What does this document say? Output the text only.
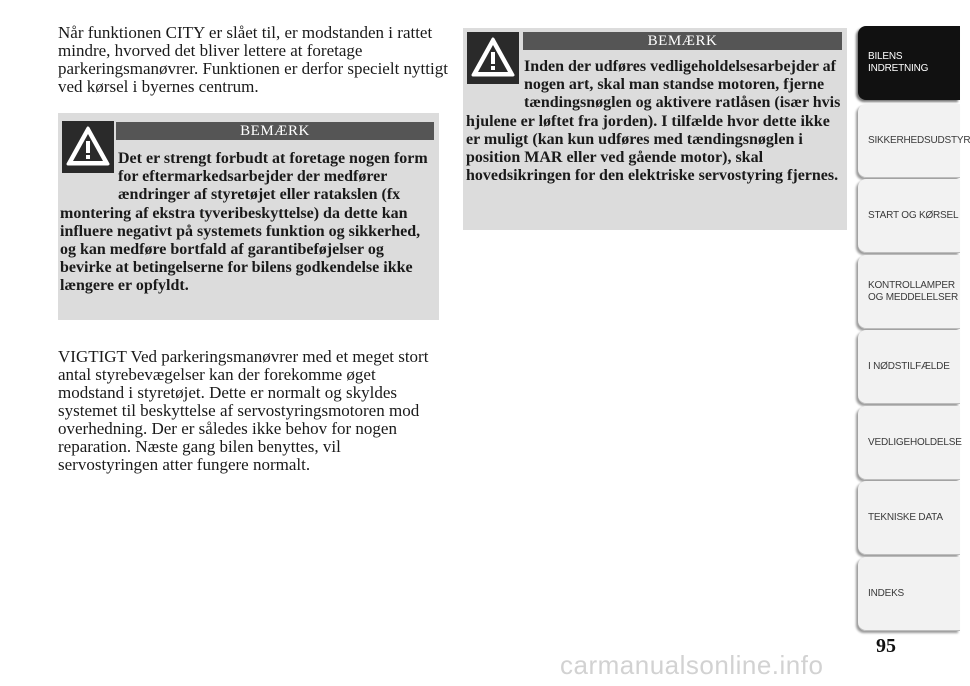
Når funktionen CITY er slået til, er modstanden i rattet mindre, hvorved det bliver lettere at foretage parkeringsmanøvrer. Funktionen er derfor specielt nyttigt ved kørsel i byernes centrum.

BEMÆRK

Det er strengt forbudt at foretage nogen form for eftermarkedsarbejder der medfører ændringer af styretøjet eller ratakslen (fx montering af ekstra tyveribeskyttelse) da dette kan influere negativt på systemets funktion og sikkerhed, og kan medføre bortfald af garantibeføjelser og bevirke at betingelserne for bilens godkendelse ikke længere er opfyldt.

VIGTIGT Ved parkeringsmanøvrer med et meget stort antal styrebevægelser kan der forekomme øget modstand i styretøjet. Dette er normalt og skyldes systemet til beskyttelse af servostyringsmotoren mod overhedning. Der er således ikke behov for nogen reparation. Næste gang bilen benyttes, vil servostyringen atter fungere normalt.

BEMÆRK

Inden der udføres vedligeholdelsesarbejder af nogen art, skal man standse motoren, fjerne tændingsnøglen og aktivere ratlåsen (især hvis hjulene er løftet fra jorden). I tilfælde hvor dette ikke er muligt (kan kun udføres med tændingsnøglen i position MAR eller ved gående motor), skal hovedsikringen for den elektriske servostyring fjernes.

BILENS
INDRETNING
SIKKERHEDSUDSTYR
START OG KØRSEL
KONTROLLAMPER
OG MEDDELELSER
I NØDSTILFÆLDE
VEDLIGEHOLDELSE
TEKNISKE DATA
INDEKS
95
carmanualsonline.info
